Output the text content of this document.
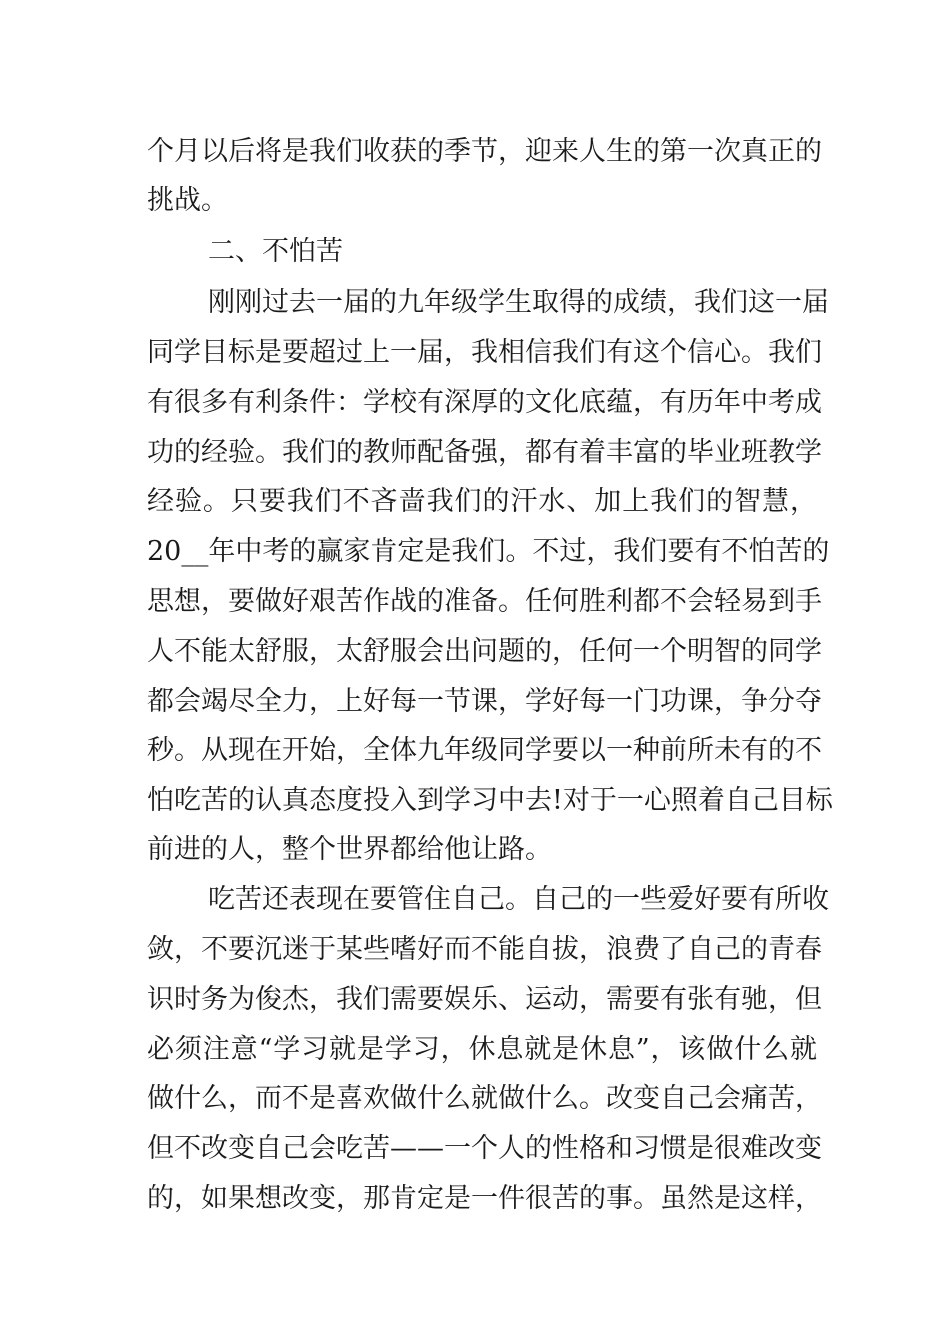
个月以后将是我们收获的季节，迎来人生的第一次真正的
挑战。
二、不怕苦
刚刚过去一届的九年级学生取得的成绩，我们这一届
同学目标是要超过上一届，我相信我们有这个信心。我们
有很多有利条件：学校有深厚的文化底蕴，有历年中考成
功的经验。我们的教师配备强，都有着丰富的毕业班教学
经验。只要我们不吝啬我们的汗水、加上我们的智慧，
20__年中考的赢家肯定是我们。不过，我们要有不怕苦的
思想，要做好艰苦作战的准备。任何胜利都不会轻易到手
人不能太舒服，太舒服会出问题的，任何一个明智的同学
都会竭尽全力，上好每一节课，学好每一门功课，争分夺
秒。从现在开始，全体九年级同学要以一种前所未有的不
怕吃苦的认真态度投入到学习中去!对于一心照着自己目标
前进的人，整个世界都给他让路。
吃苦还表现在要管住自己。自己的一些爱好要有所收
敛，不要沉迷于某些嗜好而不能自拔，浪费了自己的青春
识时务为俊杰，我们需要娱乐、运动，需要有张有驰，但
必须注意“学习就是学习，休息就是休息”，该做什么就
做什么，而不是喜欢做什么就做什么。改变自己会痛苦，
但不改变自己会吃苦——一个人的性格和习惯是很难改变
的，如果想改变，那肯定是一件很苦的事。虽然是这样，
